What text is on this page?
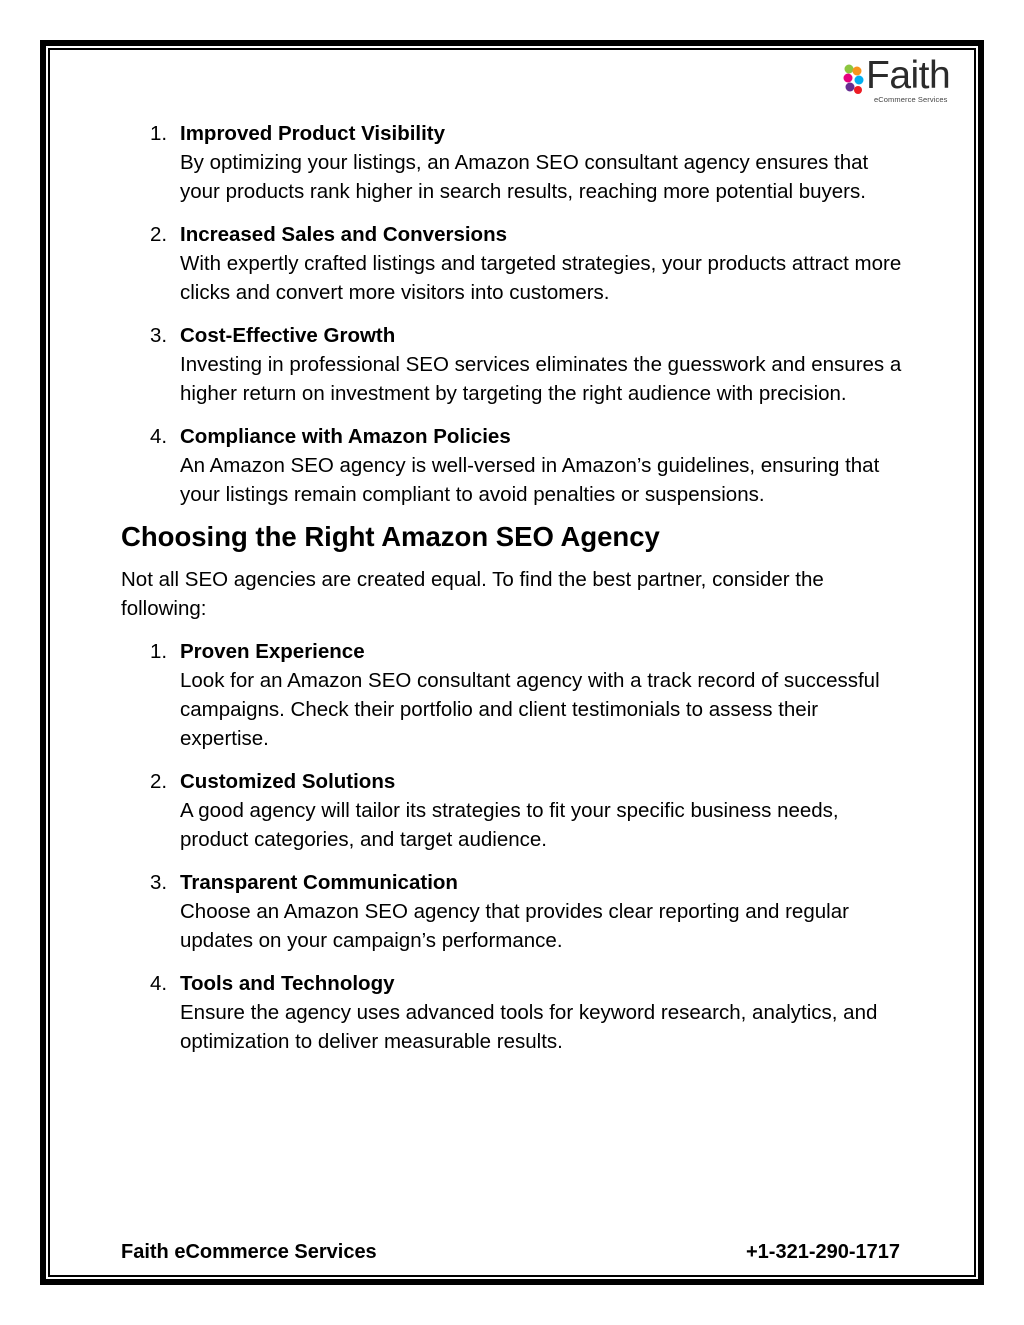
Faith
eCommerce Services
1. Improved Product Visibility
By optimizing your listings, an Amazon SEO consultant agency ensures that your products rank higher in search results, reaching more potential buyers.
2. Increased Sales and Conversions
With expertly crafted listings and targeted strategies, your products attract more clicks and convert more visitors into customers.
3. Cost-Effective Growth
Investing in professional SEO services eliminates the guesswork and ensures a higher return on investment by targeting the right audience with precision.
4. Compliance with Amazon Policies
An Amazon SEO agency is well-versed in Amazon’s guidelines, ensuring that your listings remain compliant to avoid penalties or suspensions.
Choosing the Right Amazon SEO Agency

Not all SEO agencies are created equal. To find the best partner, consider the following:

1. Proven Experience
Look for an Amazon SEO consultant agency with a track record of successful campaigns. Check their portfolio and client testimonials to assess their expertise.
2. Customized Solutions
A good agency will tailor its strategies to fit your specific business needs, product categories, and target audience.
3. Transparent Communication
Choose an Amazon SEO agency that provides clear reporting and regular updates on your campaign’s performance.
4. Tools and Technology
Ensure the agency uses advanced tools for keyword research, analytics, and optimization to deliver measurable results.
Faith eCommerce Services	+1-321-290-1717
